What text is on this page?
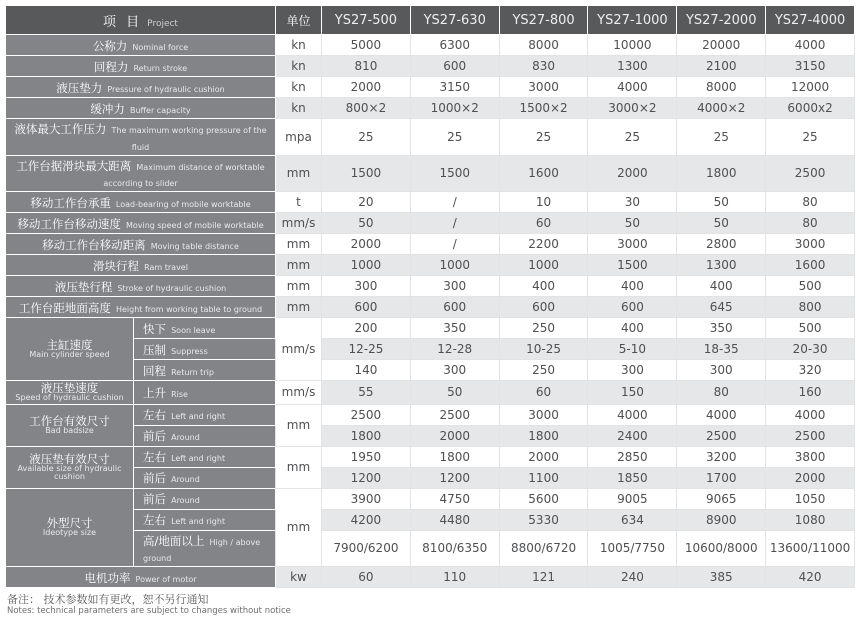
项 目 Project		单位	YS27-500	YS27-630	YS27-800	YS27-1000	YS27-2000	YS27-4000
公称力 Nominal force		kn	5000	6300	8000	10000	20000	4000
回程力 Return stroke		kn	810	600	830	1300	2100	3150
液压垫力 Pressure of hydraulic cushion		kn	2000	3150	3000	4000	8000	12000
缓冲力 Buffer capacity		kn	800×2	1000×2	1500×2	3000×2	4000×2	6000x2
液体最大工作压力 The maximum working pressure of the fluid		mpa	25	25	25	25	25	25
工作台据滑块最大距离 Maximum distance of worktable according to slider		mm	1500	1500	1600	2000	1800	2500
移动工作台承重 Load-bearing of mobile worktable		t	20	/	10	30	50	80
移动工作台移动速度 Moving speed of mobile worktable		mm/s	50	/	60	50	50	80
移动工作台移动距离 Moving table distance		mm	2000	/	2200	3000	2800	3000
滑块行程 Ram travel		mm	1000	1000	1000	1500	1300	1600
液压垫行程 Stroke of hydraulic cushion		mm	300	300	400	400	400	500
工作台距地面高度 Height from working table to ground		mm	600	600	600	600	645	800

主缸速度
Main cylinder speed	快下 Soon leave	mm/s	200	350	250	400	350	500
	压制 Suppress		12-25	12-28	10-25	5-10	18-35	20-30
	回程 Return trip		140	300	250	300	300	320

液压垫速度
Speed of hydraulic cushion	上升 Rise	mm/s	55	50	60	150	80	160

工作台有效尺寸
Bad badsize	左右 Left and right	mm	2500	2500	3000	4000	4000	4000
	前后 Around		1800	2000	1800	2400	2500	2500

液压垫有效尺寸
Available size of hydraulic cushion	左右 Left and right	mm	1950	1800	2000	2850	3200	3800
	前后 Around		1200	1200	1100	1850	1700	2000

外型尺寸
Ideotype size	前后 Around	mm	3900	4750	5600	9005	9065	1050
	左右 Left and right		4200	4480	5330	634	8900	1080
	高/地面以上 High / above ground		7900/6200	8100/6350	8800/6720	1005/7750	10600/8000	13600/11000
电机功率 Power of motor		kw	60	110	121	240	385	420
备注： 技术参数如有更改，恕不另行通知
Notes: technical parameters are subject to changes without notice
